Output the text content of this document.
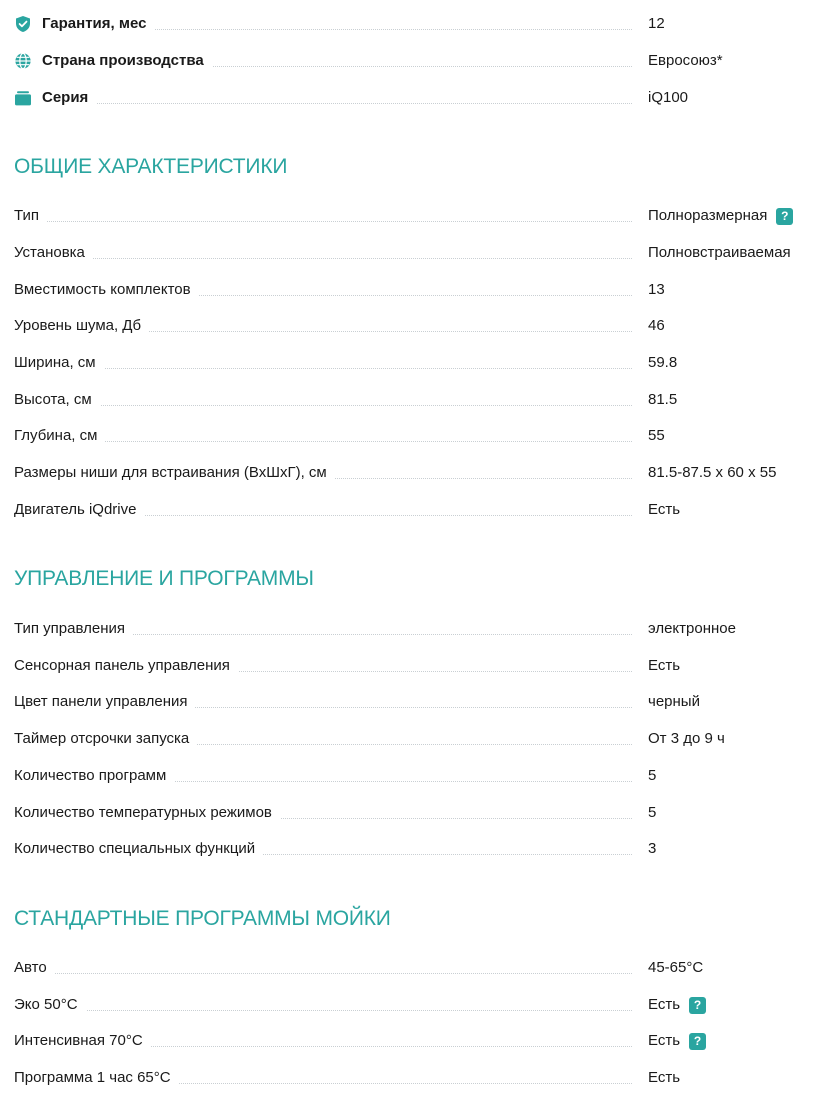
Гарантия, мес	12
Страна производства	Евросоюз*
Серия	iQ100
ОБЩИЕ ХАРАКТЕРИСТИКИ
Тип	Полноразмерная	?
Установка	Полновстраиваемая
Вместимость комплектов	13
Уровень шума, Дб	46
Ширина, см	59.8
Высота, см	81.5
Глубина, см	55
Размеры ниши для встраивания (ВхШхГ), см	81.5-87.5 x 60 x 55
Двигатель iQdrive	Есть
УПРАВЛЕНИЕ И ПРОГРАММЫ
Тип управления	электронное
Сенсорная панель управления	Есть
Цвет панели управления	черный
Таймер отсрочки запуска	От 3 до 9 ч
Количество программ	5
Количество температурных режимов	5
Количество специальных функций	3
СТАНДАРТНЫЕ ПРОГРАММЫ МОЙКИ
Авто	45-65°C
Эко 50°C	Есть	?
Интенсивная 70°C	Есть	?
Программа 1 час 65°C	Есть
